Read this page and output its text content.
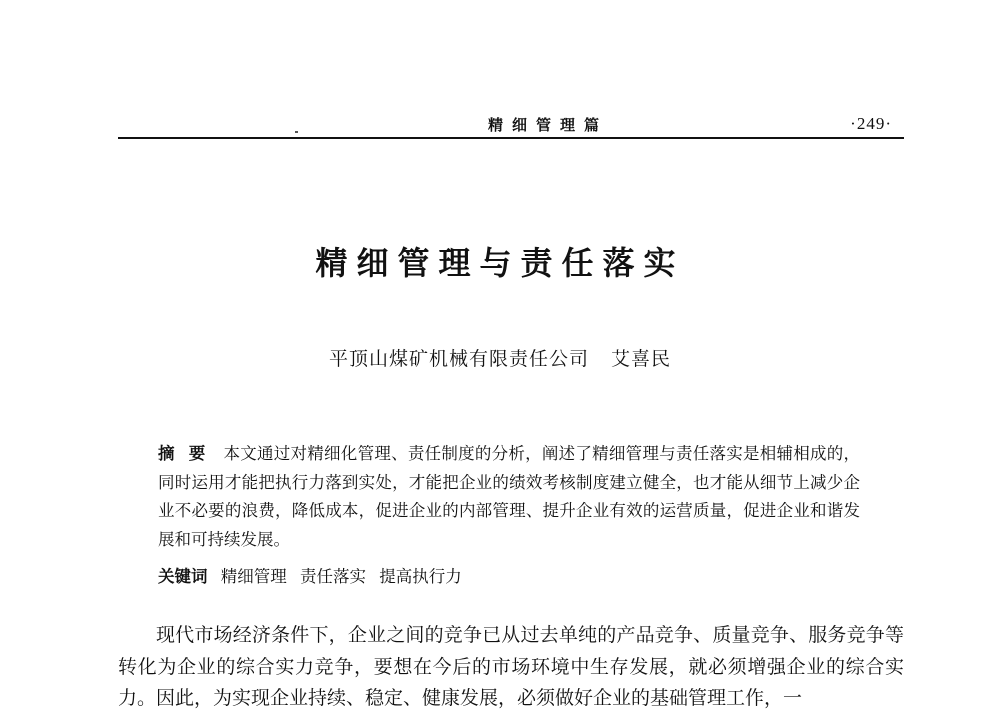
精细管理篇	·249·
精细管理与责任落实
平顶山煤矿机械有限责任公司 艾喜民
摘要 本文通过对精细化管理、责任制度的分析，阐述了精细管理与责任落实是相辅相成的，同时运用才能把执行力落到实处，才能把企业的绩效考核制度建立健全，也才能从细节上减少企业不必要的浪费，降低成本，促进企业的内部管理、提升企业有效的运营质量，促进企业和谐发展和可持续发展。
关键词 精细管理 责任落实 提高执行力

现代市场经济条件下，企业之间的竞争已从过去单纯的产品竞争、质量竞争、服务竞争等转化为企业的综合实力竞争，要想在今后的市场环境中生存发展，就必须增强企业的综合实力。因此，为实现企业持续、稳定、健康发展，必须做好企业的基础管理工作，一
